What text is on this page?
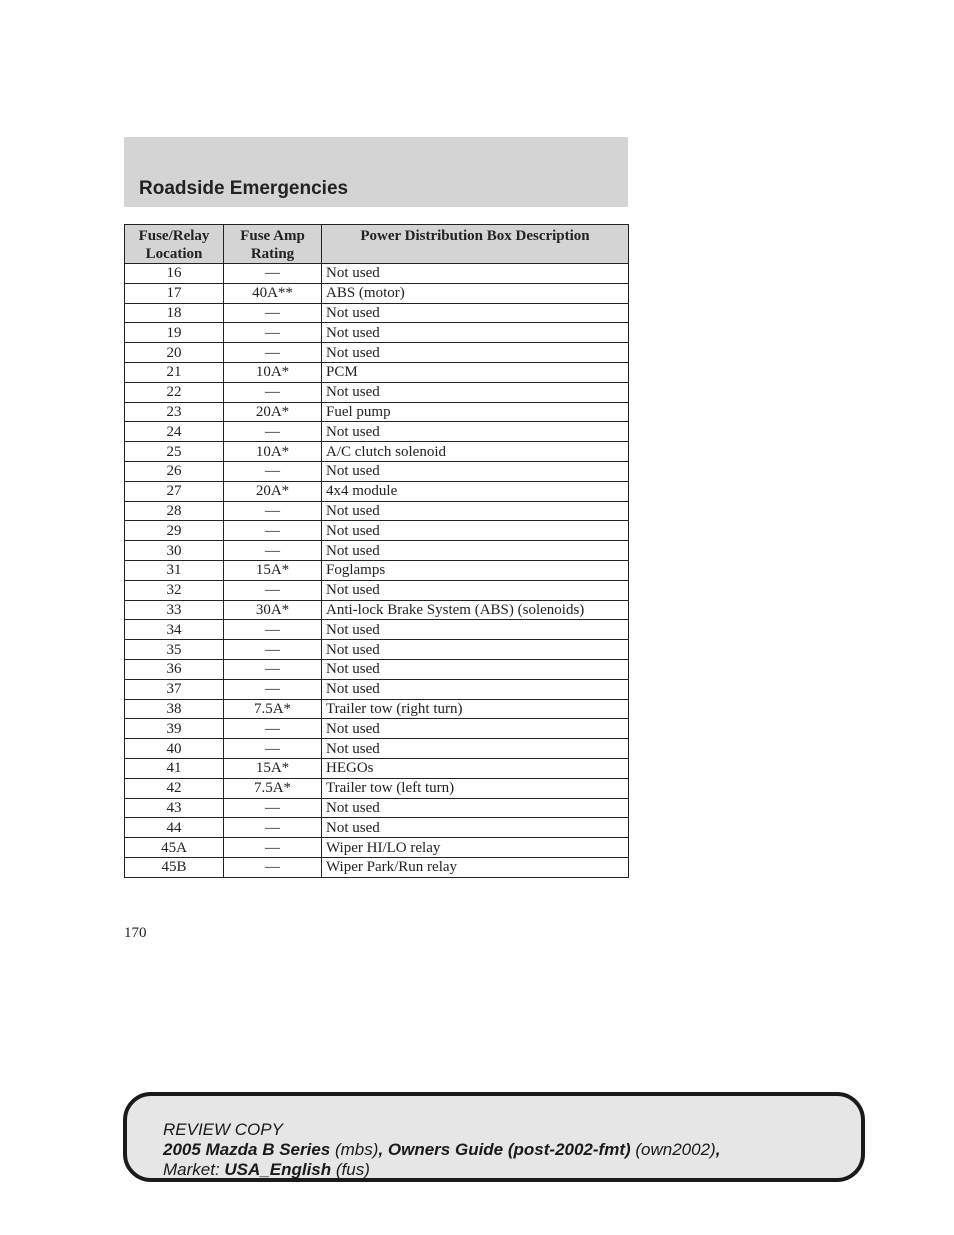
Roadside Emergencies
Fuse/Relay Location	Fuse Amp Rating	Power Distribution Box Description
16	—	Not used
17	40A**	ABS (motor)
18	—	Not used
19	—	Not used
20	—	Not used
21	10A*	PCM
22	—	Not used
23	20A*	Fuel pump
24	—	Not used
25	10A*	A/C clutch solenoid
26	—	Not used
27	20A*	4x4 module
28	—	Not used
29	—	Not used
30	—	Not used
31	15A*	Foglamps
32	—	Not used
33	30A*	Anti-lock Brake System (ABS) (solenoids)
34	—	Not used
35	—	Not used
36	—	Not used
37	—	Not used
38	7.5A*	Trailer tow (right turn)
39	—	Not used
40	—	Not used
41	15A*	HEGOs
42	7.5A*	Trailer tow (left turn)
43	—	Not used
44	—	Not used
45A	—	Wiper HI/LO relay
45B	—	Wiper Park/Run relay
170
REVIEW COPY
2005 Mazda B Series (mbs), Owners Guide (post-2002-fmt) (own2002),
Market: USA_English (fus)
